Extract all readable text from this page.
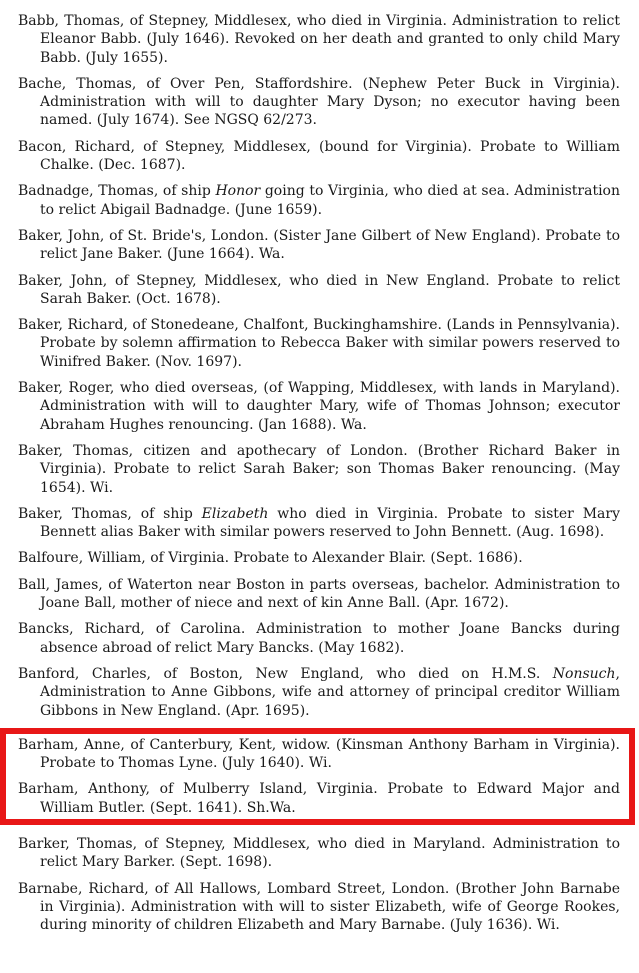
Babb, Thomas, of Stepney, Middlesex, who died in Virginia. Administration to relict Eleanor Babb. (July 1646). Revoked on her death and granted to only child Mary Babb. (July 1655).

Bache, Thomas, of Over Pen, Staffordshire. (Nephew Peter Buck in Virginia). Administration with will to daughter Mary Dyson; no executor having been named. (July 1674). See NGSQ 62/273.

Bacon, Richard, of Stepney, Middlesex, (bound for Virginia). Probate to William Chalke. (Dec. 1687).

Badnadge, Thomas, of ship Honor going to Virginia, who died at sea. Administration to relict Abigail Badnadge. (June 1659).

Baker, John, of St. Bride's, London. (Sister Jane Gilbert of New England). Probate to relict Jane Baker. (June 1664). Wa.

Baker, John, of Stepney, Middlesex, who died in New England. Probate to relict Sarah Baker. (Oct. 1678).

Baker, Richard, of Stonedeane, Chalfont, Buckinghamshire. (Lands in Pennsylvania). Probate by solemn affirmation to Rebecca Baker with similar powers reserved to Winifred Baker. (Nov. 1697).

Baker, Roger, who died overseas, (of Wapping, Middlesex, with lands in Maryland). Administration with will to daughter Mary, wife of Thomas Johnson; executor Abraham Hughes renouncing. (Jan 1688). Wa.

Baker, Thomas, citizen and apothecary of London. (Brother Richard Baker in Virginia). Probate to relict Sarah Baker; son Thomas Baker renouncing. (May 1654). Wi.

Baker, Thomas, of ship Elizabeth who died in Virginia. Probate to sister Mary Bennett alias Baker with similar powers reserved to John Bennett. (Aug. 1698).

Balfoure, William, of Virginia. Probate to Alexander Blair. (Sept. 1686).

Ball, James, of Waterton near Boston in parts overseas, bachelor. Administration to Joane Ball, mother of niece and next of kin Anne Ball. (Apr. 1672).

Bancks, Richard, of Carolina. Administration to mother Joane Bancks during absence abroad of relict Mary Bancks. (May 1682).

Banford, Charles, of Boston, New England, who died on H.M.S. Nonsuch, Administration to Anne Gibbons, wife and attorney of principal creditor William Gibbons in New England. (Apr. 1695).

Barham, Anne, of Canterbury, Kent, widow. (Kinsman Anthony Barham in Virginia). Probate to Thomas Lyne. (July 1640). Wi.

Barham, Anthony, of Mulberry Island, Virginia. Probate to Edward Major and William Butler. (Sept. 1641). Sh.Wa.

Barker, Thomas, of Stepney, Middlesex, who died in Maryland. Administration to relict Mary Barker. (Sept. 1698).

Barnabe, Richard, of All Hallows, Lombard Street, London. (Brother John Barnabe in Virginia). Administration with will to sister Elizabeth, wife of George Rookes, during minority of children Elizabeth and Mary Barnabe. (July 1636). Wi.
